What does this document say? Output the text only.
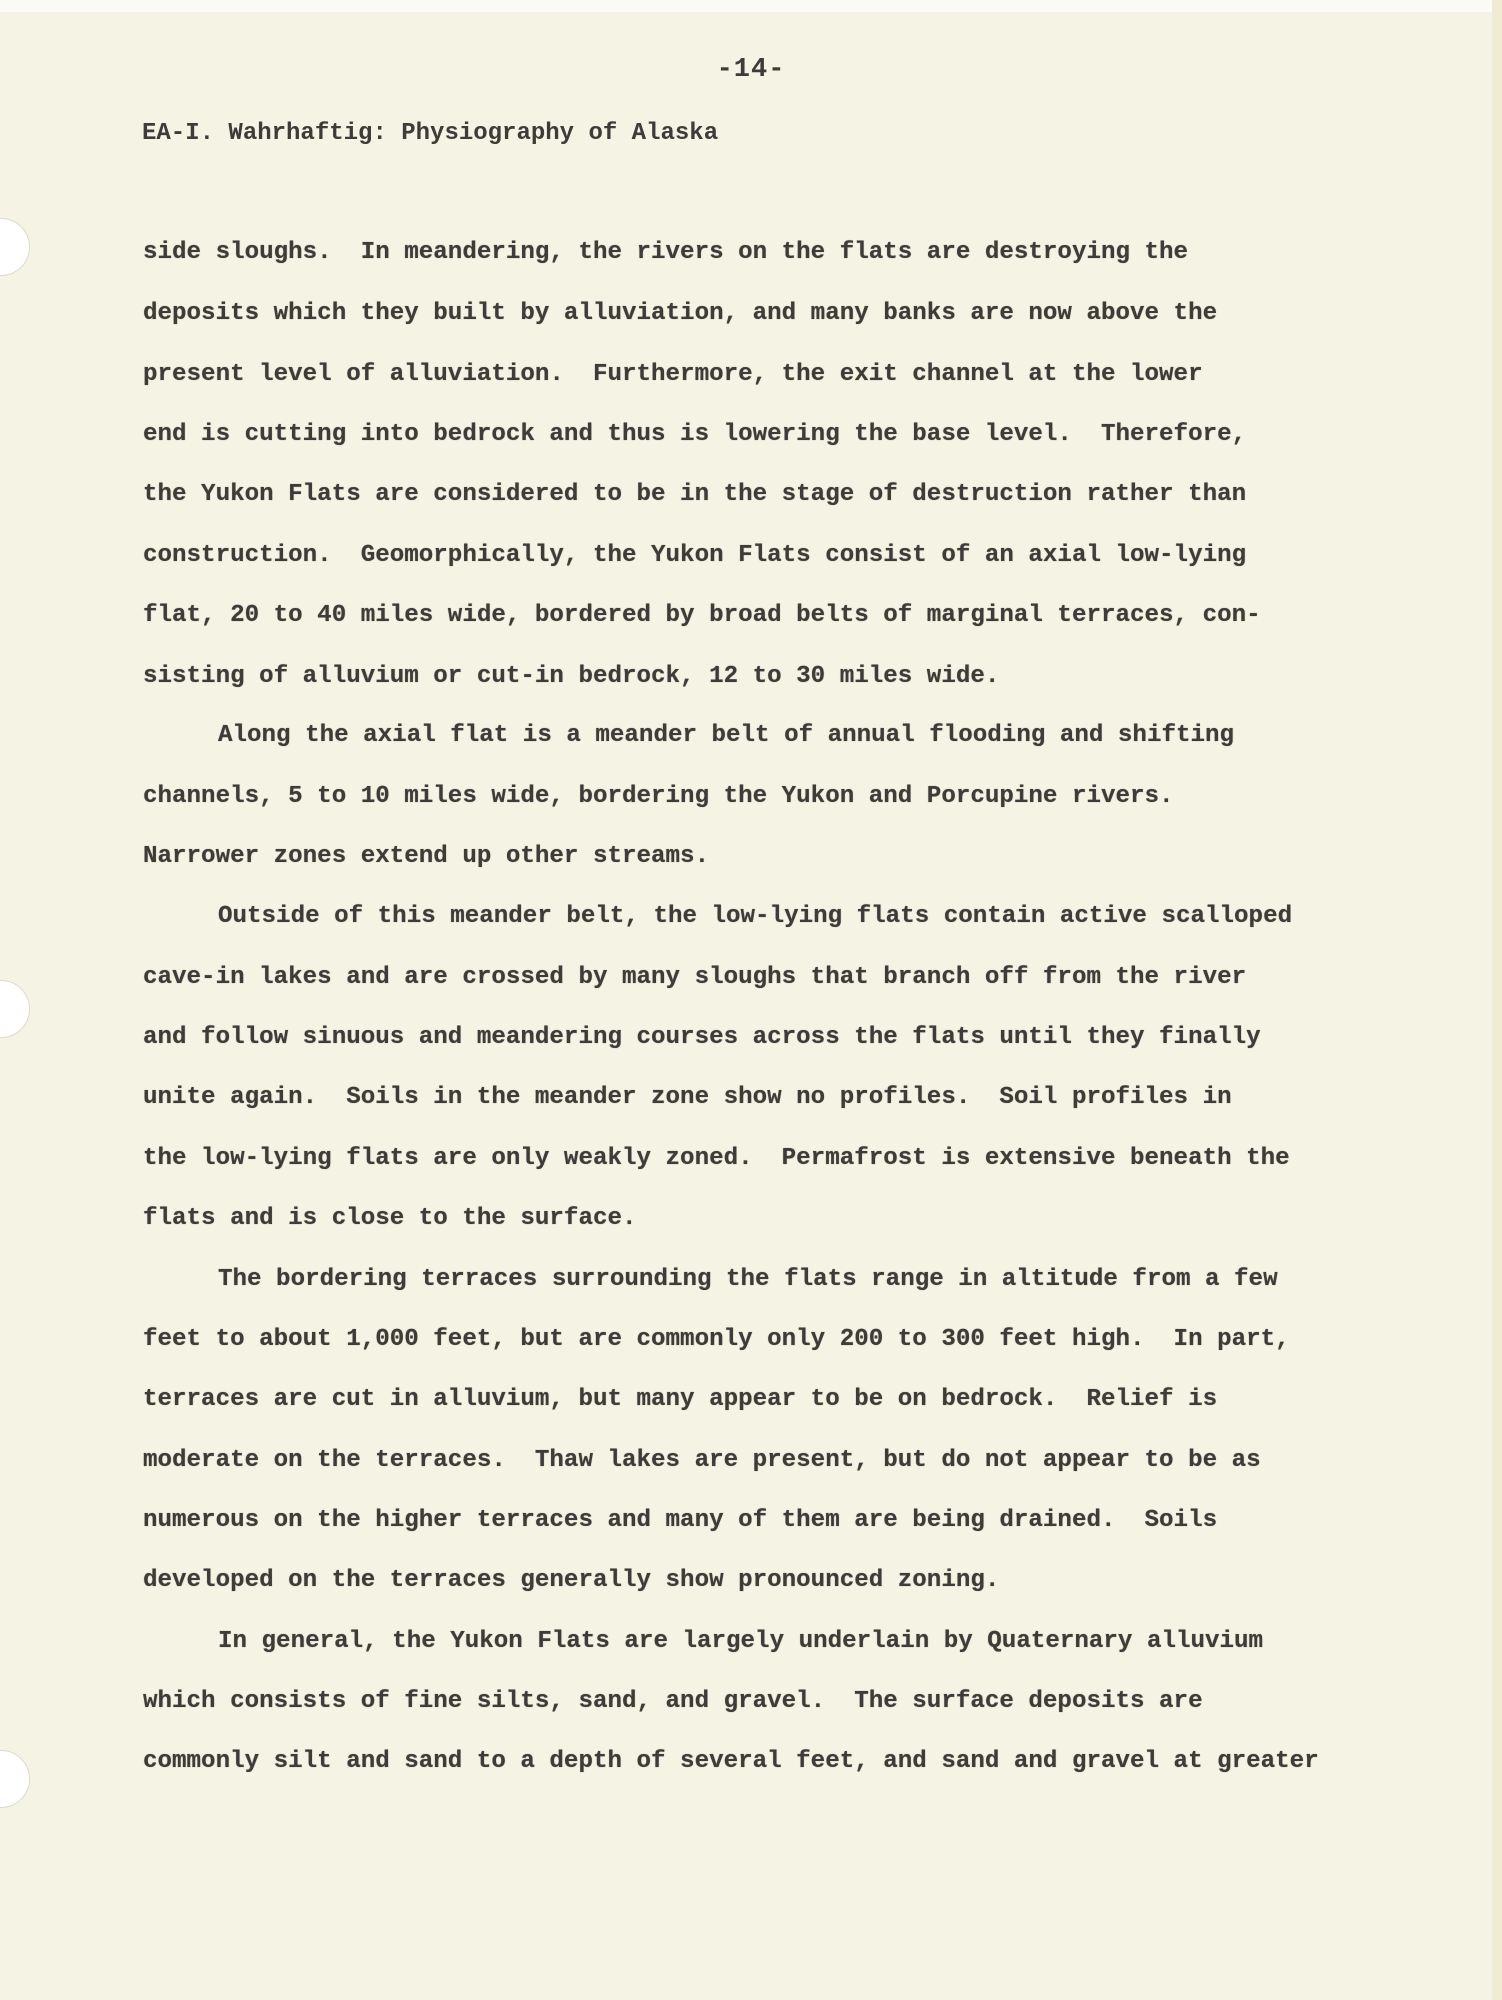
-14-
EA-I. Wahrhaftig: Physiography of Alaska
side sloughs.  In meandering, the rivers on the flats are destroying the
deposits which they built by alluviation, and many banks are now above the
present level of alluviation.  Furthermore, the exit channel at the lower
end is cutting into bedrock and thus is lowering the base level.  Therefore,
the Yukon Flats are considered to be in the stage of destruction rather than
construction.  Geomorphically, the Yukon Flats consist of an axial low-lying
flat, 20 to 40 miles wide, bordered by broad belts of marginal terraces, con-
sisting of alluvium or cut-in bedrock, 12 to 30 miles wide.
Along the axial flat is a meander belt of annual flooding and shifting
channels, 5 to 10 miles wide, bordering the Yukon and Porcupine rivers.
Narrower zones extend up other streams.
Outside of this meander belt, the low-lying flats contain active scalloped
cave-in lakes and are crossed by many sloughs that branch off from the river
and follow sinuous and meandering courses across the flats until they finally
unite again.  Soils in the meander zone show no profiles.  Soil profiles in
the low-lying flats are only weakly zoned.  Permafrost is extensive beneath the
flats and is close to the surface.
The bordering terraces surrounding the flats range in altitude from a few
feet to about 1,000 feet, but are commonly only 200 to 300 feet high.  In part,
terraces are cut in alluvium, but many appear to be on bedrock.  Relief is
moderate on the terraces.  Thaw lakes are present, but do not appear to be as
numerous on the higher terraces and many of them are being drained.  Soils
developed on the terraces generally show pronounced zoning.
In general, the Yukon Flats are largely underlain by Quaternary alluvium
which consists of fine silts, sand, and gravel.  The surface deposits are
commonly silt and sand to a depth of several feet, and sand and gravel at greater
